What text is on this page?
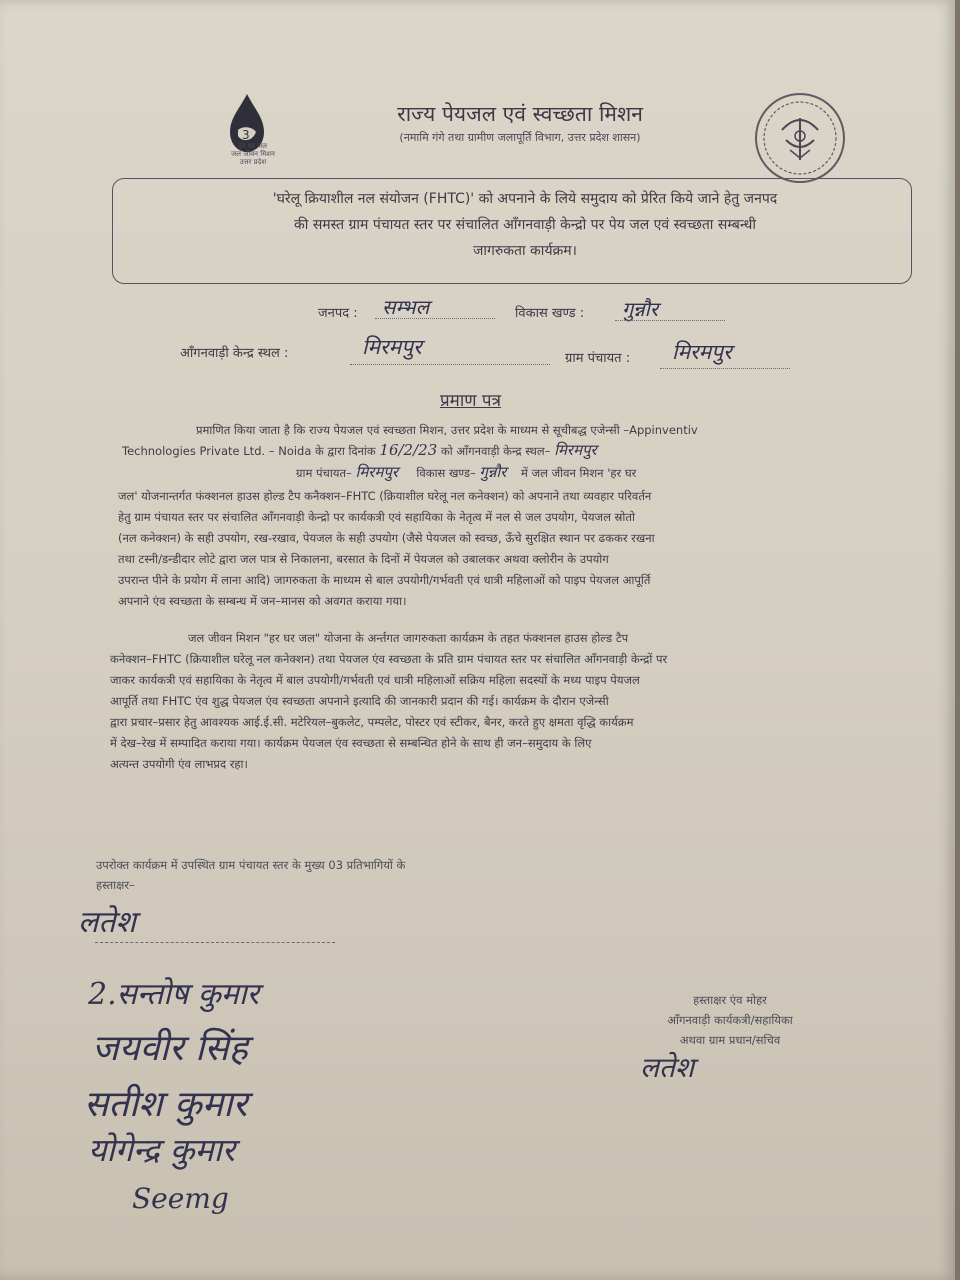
3
हर घर जल
जल जीवन मिशन
उत्तर प्रदेश
राज्य पेयजल एवं स्वच्छता मिशन
(नमामि गंगे तथा ग्रामीण जलापूर्ति विभाग, उत्तर प्रदेश शासन)
'घरेलू क्रियाशील नल संयोजन (FHTC)' को अपनाने के लिये समुदाय को प्रेरित किये जाने हेतु जनपद
की समस्त ग्राम पंचायत स्तर पर संचालित आँगनवाड़ी केन्द्रो पर पेय जल एवं स्वच्छता सम्बन्धी
जागरुकता कार्यक्रम।
जनपद : सम्भल	विकास खण्ड : गुन्नौर
आँगनवाड़ी केन्द्र स्थल :	मिरमपुर	ग्राम पंचायत : मिरमपुर
प्रमाण पत्र
प्रमाणित किया जाता है कि राज्य पेयजल एवं स्वच्छता मिशन, उत्तर प्रदेश के माध्यम से सूचीबद्ध एजेन्सी –Appinventiv
Technologies Private Ltd. – Noida के द्वारा दिनांक 16/2/23 को आँगनवाड़ी केन्द्र स्थल– मिरमपुर
ग्राम पंचायत– मिरमपुर विकास खण्ड– गुन्नौर में जल जीवन मिशन 'हर घर
जल' योजनान्तर्गत फंक्शनल हाउस होल्ड टैप कनैक्शन–FHTC (क्रियाशील घरेलू नल कनेक्शन) को अपनाने तथा व्यवहार परिवर्तन
हेतु ग्राम पंचायत स्तर पर संचालित आँगनवाड़ी केन्द्रो पर कार्यकत्री एवं सहायिका के नेतृत्व में नल से जल उपयोग, पेयजल स्रोतो
(नल कनेक्शन) के सही उपयोग, रख-रखाव, पेयजल के सही उपयोग (जैसे पेयजल को स्वच्छ, ऊँचे सुरक्षित स्थान पर ढककर रखना
तथा टस्नी/डन्डीदार लोटे द्वारा जल पात्र से निकालना, बरसात के दिनों में पेयजल को उबालकर अथवा क्लोरीन के उपयोग
उपरान्त पीने के प्रयोग में लाना आदि) जागरुकता के माध्यम से बाल उपयोगी/गर्भवती एवं धात्री महिलाओं को पाइप पेयजल आपूर्ति
अपनाने एंव स्वच्छता के सम्बन्ध में जन–मानस को अवगत कराया गया।
जल जीवन मिशन "हर घर जल" योजना के अर्न्तगत जागरुकता कार्यक्रम के तहत फंक्शनल हाउस होल्ड टैप
कनेक्शन–FHTC (क्रियाशील घरेलू नल कनेक्शन) तथा पेयजल एंव स्वच्छता के प्रति ग्राम पंचायत स्तर पर संचालित आँगनवाड़ी केन्द्रों पर
जाकर कार्यकत्री एवं सहायिका के नेतृत्व में बाल उपयोगी/गर्भवती एवं धात्री महिलाओं सक्रिय महिला सदस्यों के मध्य पाइप पेयजल
आपूर्ति तथा FHTC एंव शुद्ध पेयजल एंव स्वच्छता अपनाने इत्यादि की जानकारी प्रदान की गई। कार्यक्रम के दौरान एजेन्सी
द्वारा प्रचार–प्रसार हेतु आवश्यक आई.ई.सी. मटेरियल–बुकलेट, पम्पलेट, पोस्टर एवं स्टीकर, बैनर, करते हुए क्षमता वृद्धि कार्यक्रम
में देख–रेख में सम्पादित कराया गया। कार्यक्रम पेयजल एंव स्वच्छता से सम्बन्धित होने के साथ ही जन–समुदाय के लिए
अत्यन्त उपयोगी एंव लाभप्रद रहा।
उपरोक्त कार्यक्रम में उपस्थित ग्राम पंचायत स्तर के मुख्य 03 प्रतिभागियों के
हस्ताक्षर–
लतेश
2.सन्तोष कुमार
जयवीर सिंह
सतीश कुमार
योगेन्द्र कुमार
Seemg
हस्ताक्षर एंव मोहर
आँगनवाड़ी कार्यकत्री/सहायिका
अथवा ग्राम प्रधान/सचिव
लतेश
